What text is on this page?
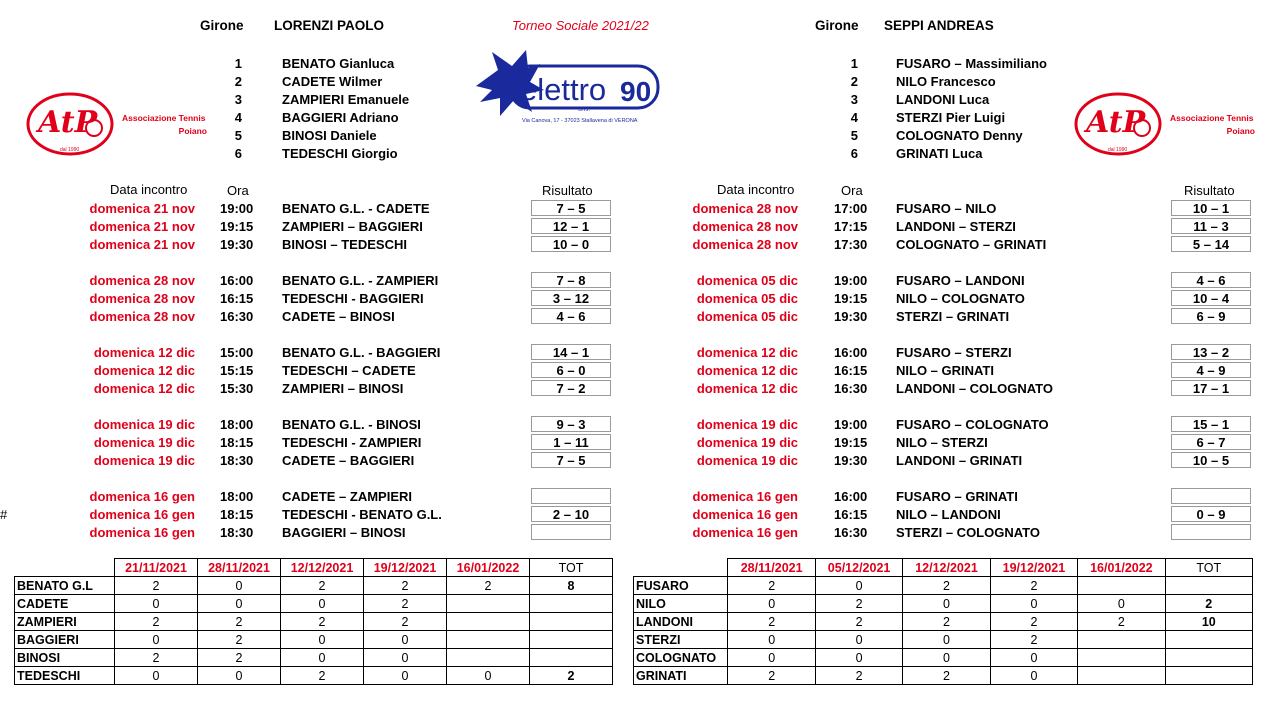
Girone LORENZI PAOLO	Torneo Sociale 2021/22	Girone SEPPI ANDREAS
AtP
dal 1990
Associazione Tennis
Poiano
elettro 90
S.r.l.
Via Canova, 17 - 37023 Stallavena di VERONA	AtP
dal 1990
Associazione Tennis
Poiano
1	BENATO Gianluca
2	CADETE Wilmer
3	ZAMPIERI Emanuele
4	BAGGIERI Adriano
5	BINOSI Daniele
6	TEDESCHI Giorgio
1	FUSARO – Massimiliano
2	NILO Francesco
3	LANDONI Luca
4	STERZI Pier Luigi
5	COLOGNATO Denny
6	GRINATI Luca
Data incontro	Ora	Risultato	Data incontro	Ora	Risultato
#
domenica 21 nov 19:00 BENATO G.L. - CADETE	7 – 5
domenica 21 nov 19:15 ZAMPIERI – BAGGIERI	12 – 1
domenica 21 nov 19:30 BINOSI – TEDESCHI	10 – 0
domenica 28 nov 16:00 BENATO G.L. - ZAMPIERI	7 – 8
domenica 28 nov 16:15 TEDESCHI - BAGGIERI	3 – 12
domenica 28 nov 16:30 CADETE – BINOSI	4 – 6
domenica 12 dic 15:00 BENATO G.L. - BAGGIERI	14 – 1
domenica 12 dic 15:15 TEDESCHI – CADETE	6 – 0
domenica 12 dic 15:30 ZAMPIERI – BINOSI	7 – 2
domenica 19 dic 18:00 BENATO G.L. - BINOSI	9 – 3
domenica 19 dic 18:15 TEDESCHI - ZAMPIERI	1 – 11
domenica 19 dic 18:30 CADETE – BAGGIERI	7 – 5
domenica 16 gen 18:00 CADETE – ZAMPIERI
domenica 16 gen 18:15 TEDESCHI - BENATO G.L.	2 – 10
domenica 16 gen 18:30 BAGGIERI – BINOSI
domenica 28 nov	17:00 FUSARO – NILO	10 – 1
domenica 28 nov	17:15 LANDONI – STERZI	11 – 3
domenica 28 nov	17:30 COLOGNATO – GRINATI	5 – 14
domenica 05 dic	19:00 FUSARO – LANDONI	4 – 6
domenica 05 dic	19:15 NILO – COLOGNATO	10 – 4
domenica 05 dic	19:30 STERZI – GRINATI	6 – 9
domenica 12 dic	16:00 FUSARO – STERZI	13 – 2
domenica 12 dic	16:15 NILO – GRINATI	4 – 9
domenica 12 dic	16:30 LANDONI – COLOGNATO	17 – 1
domenica 19 dic	19:00 FUSARO – COLOGNATO	15 – 1
domenica 19 dic	19:15 NILO – STERZI	6 – 7
domenica 19 dic	19:30 LANDONI – GRINATI	10 – 5
domenica 16 gen	16:00 FUSARO – GRINATI
domenica 16 gen	16:15 NILO – LANDONI	0 – 9
domenica 16 gen	16:30 STERZI – COLOGNATO
	21/11/2021	28/11/2021	12/12/2021	19/12/2021	16/01/2022	TOT
BENATO G.L	2	0	2	2	2	8
CADETE	0	0	0	2		
ZAMPIERI	2	2	2	2		
BAGGIERI	0	2	0	0		
BINOSI	2	2	0	0		
TEDESCHI	0	0	2	0	0	2
	28/11/2021	05/12/2021	12/12/2021	19/12/2021	16/01/2022	TOT
FUSARO	2	0	2	2		
NILO	0	2	0	0	0	2
LANDONI	2	2	2	2	2	10
STERZI	0	0	0	2		
COLOGNATO	0	0	0	0		
GRINATI	2	2	2	0		
